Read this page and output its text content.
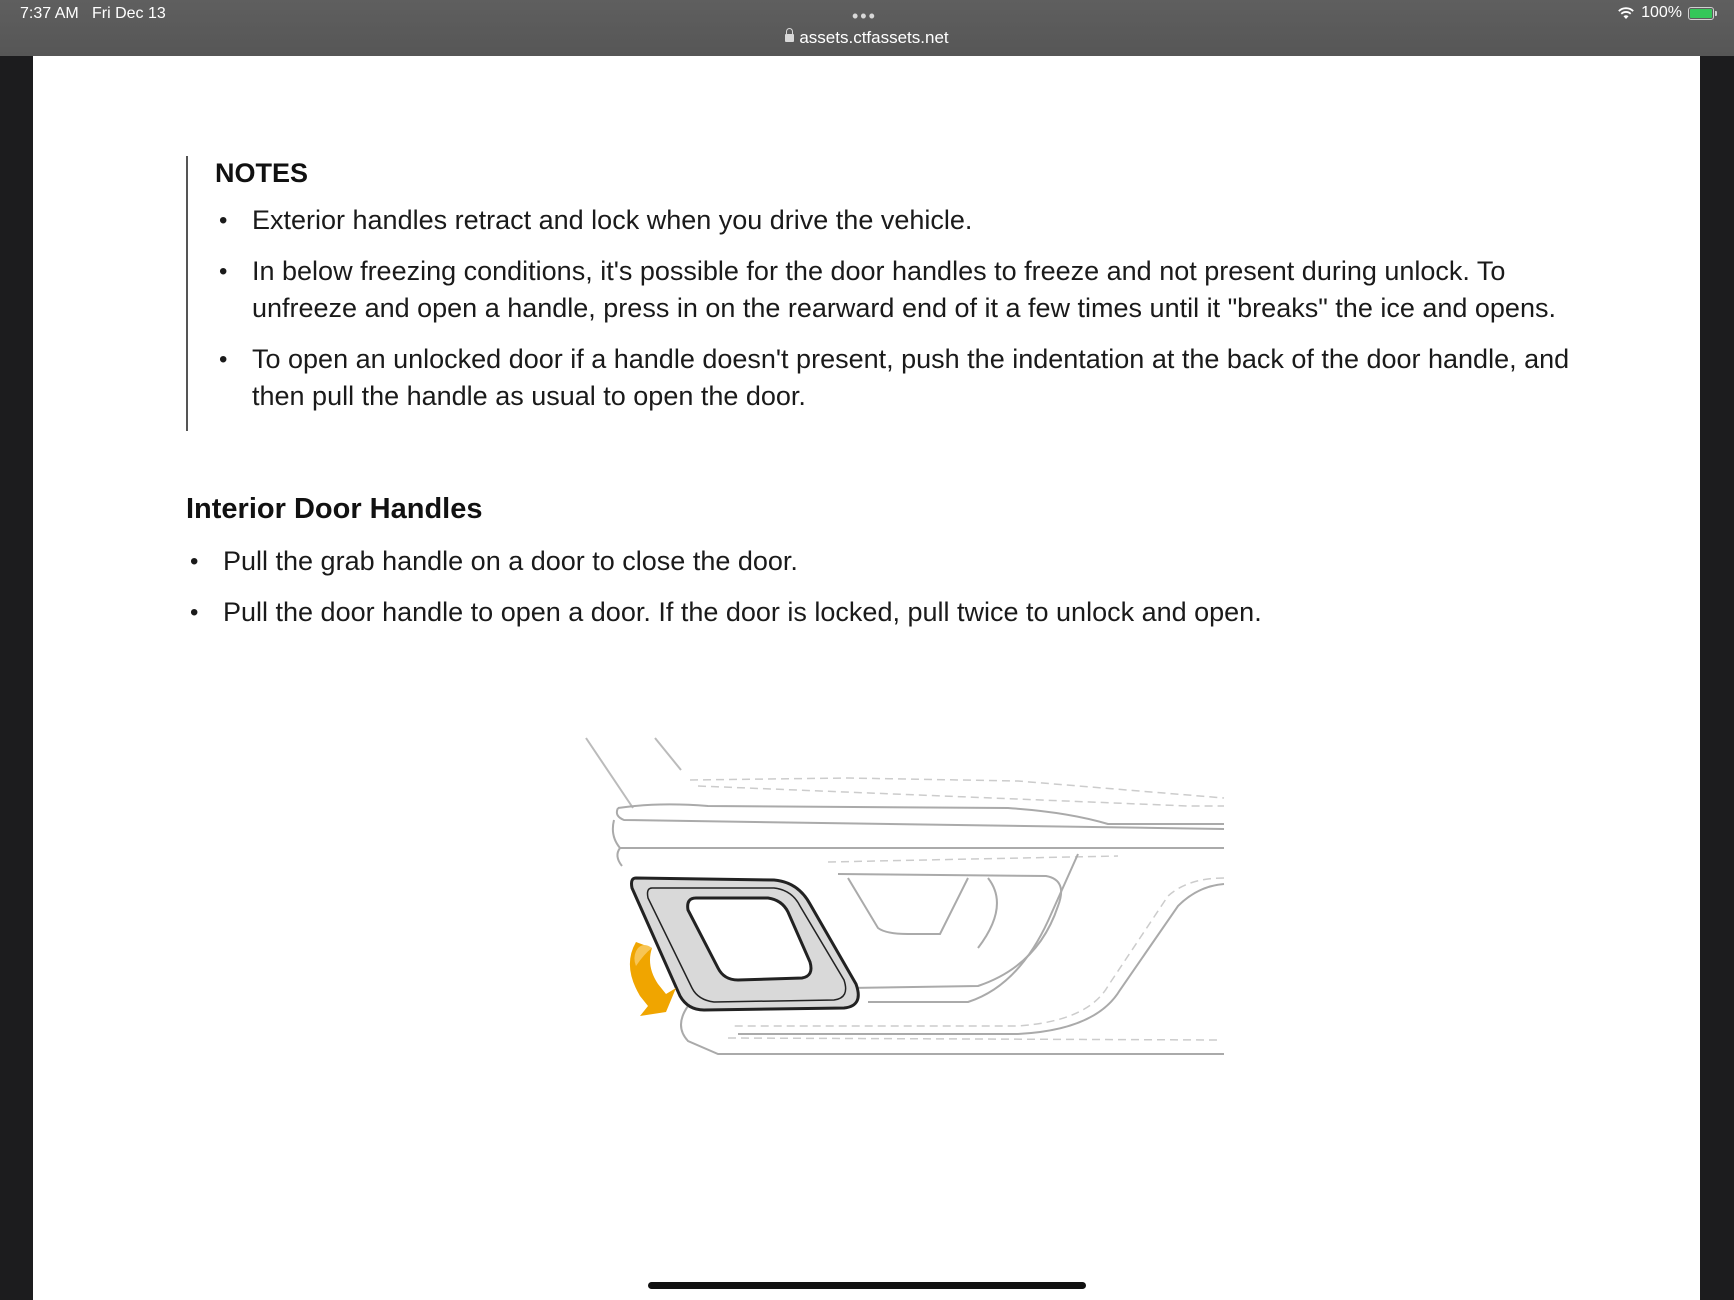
7:37 AM Fri Dec 13	•••
assets.ctfassets.net
100%
NOTES
• Exterior handles retract and lock when you drive the vehicle.
• In below freezing conditions, it's possible for the door handles to freeze and not present during unlock. To unfreeze and open a handle, press in on the rearward end of it a few times until it "breaks" the ice and opens.
• To open an unlocked door if a handle doesn't present, push the indentation at the back of the door handle, and then pull the handle as usual to open the door.
Interior Door Handles
• Pull the grab handle on a door to close the door.
• Pull the door handle to open a door. If the door is locked, pull twice to unlock and open.
